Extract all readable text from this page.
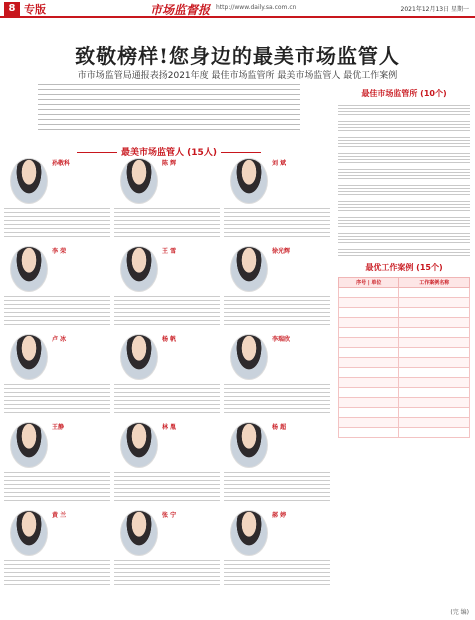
8 专版	市场监督报 http://www.daily.sa.com.cn	2021年12月13日 星期一
致敬榜样!您身边的最美市场监管人
市市场监管局通报表扬2021年度 最佳市场监管所 最美市场监管人 最优工作案例
最美市场监管人 (15人)
孙敬科	陈 辉	刘 斌
李 荣	王 雪	徐光辉
卢 冰	杨 帆	李瑞欣
王静	林 胤	杨 超
黄 兰	张 宁	郝 婷
最佳市场监管所 (10个)
最优工作案例 (15个)
序号 | 单位	工作案例名称

(完 编)
